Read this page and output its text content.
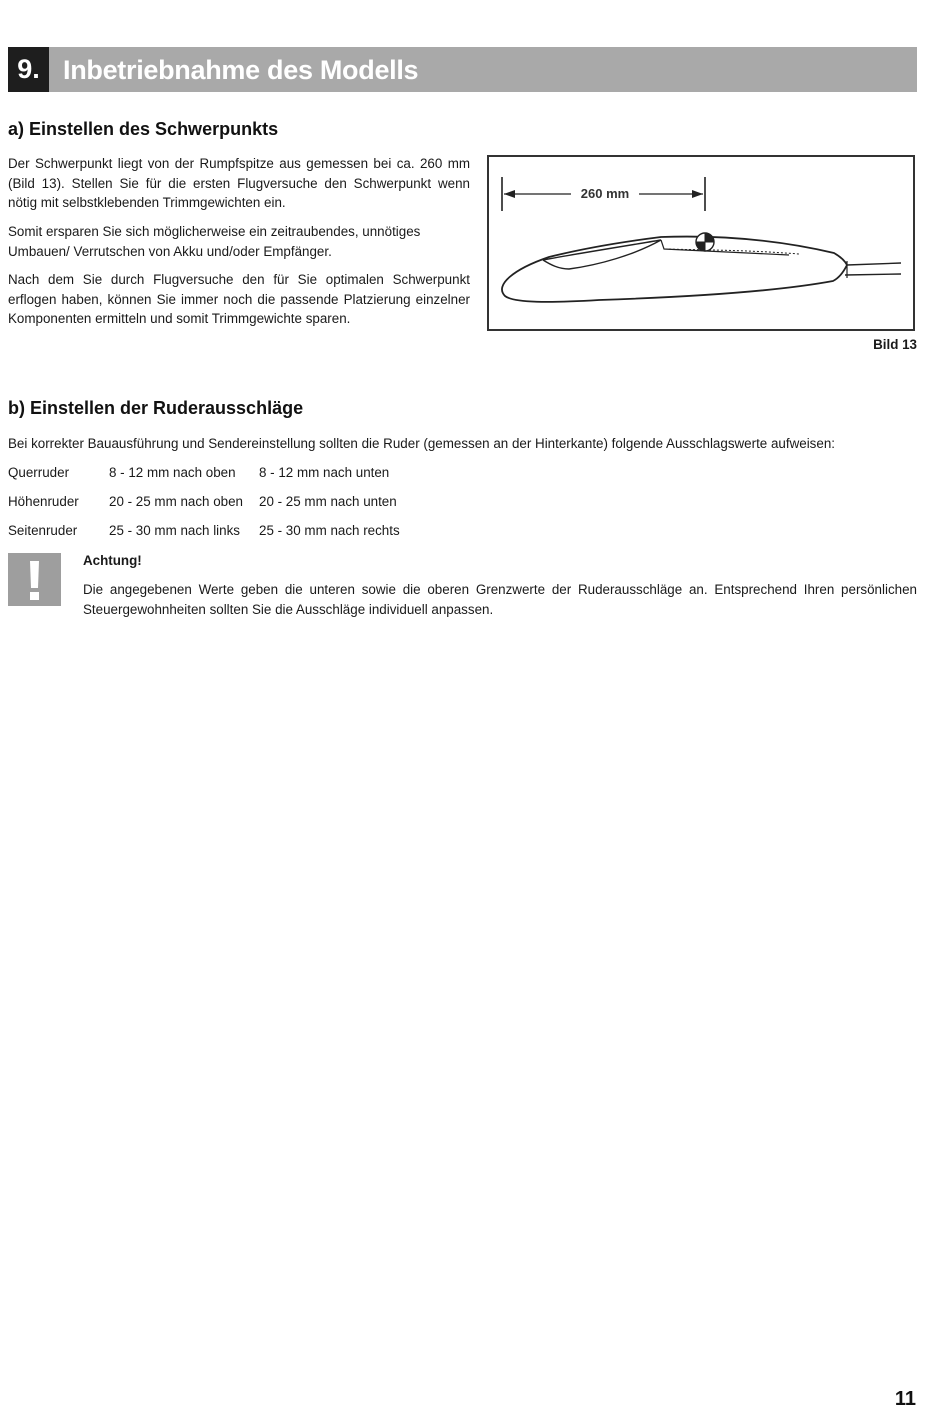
9. Inbetriebnahme des Modells
a) Einstellen des Schwerpunkts

Der Schwerpunkt liegt von der Rumpfspitze aus gemessen bei ca. 260 mm (Bild 13). Stellen Sie für die ersten Flugversuche den Schwerpunkt wenn nötig mit selbstklebenden Trimmgewichten ein.

Somit ersparen Sie sich möglicherweise ein zeitraubendes, unnötiges Umbauen/ Verrutschen von Akku und/oder Empfänger.

Nach dem Sie durch Flugversuche den für Sie optimalen Schwerpunkt erflogen haben, können Sie immer noch die passende Platzierung einzelner Komponenten ermitteln und somit Trimmgewichte sparen.

260 mm
Bild 13
b) Einstellen der Ruderausschläge

Bei korrekter Bauausführung und Sendereinstellung sollten die Ruder (gemessen an der Hinterkante) folgende Ausschlagswerte aufweisen:

Querruder	8 - 12 mm nach oben 8 - 12 mm nach unten
Höhenruder 20 - 25 mm nach oben 20 - 25 mm nach unten
Seitenruder 25 - 30 mm nach links 25 - 30 mm nach rechts

Achtung!

Die angegebenen Werte geben die unteren sowie die oberen Grenzwerte der Ruderausschläge an. Entsprechend Ihren persönlichen Steuergewohnheiten sollten Sie die Ausschläge individuell anpassen.

11
